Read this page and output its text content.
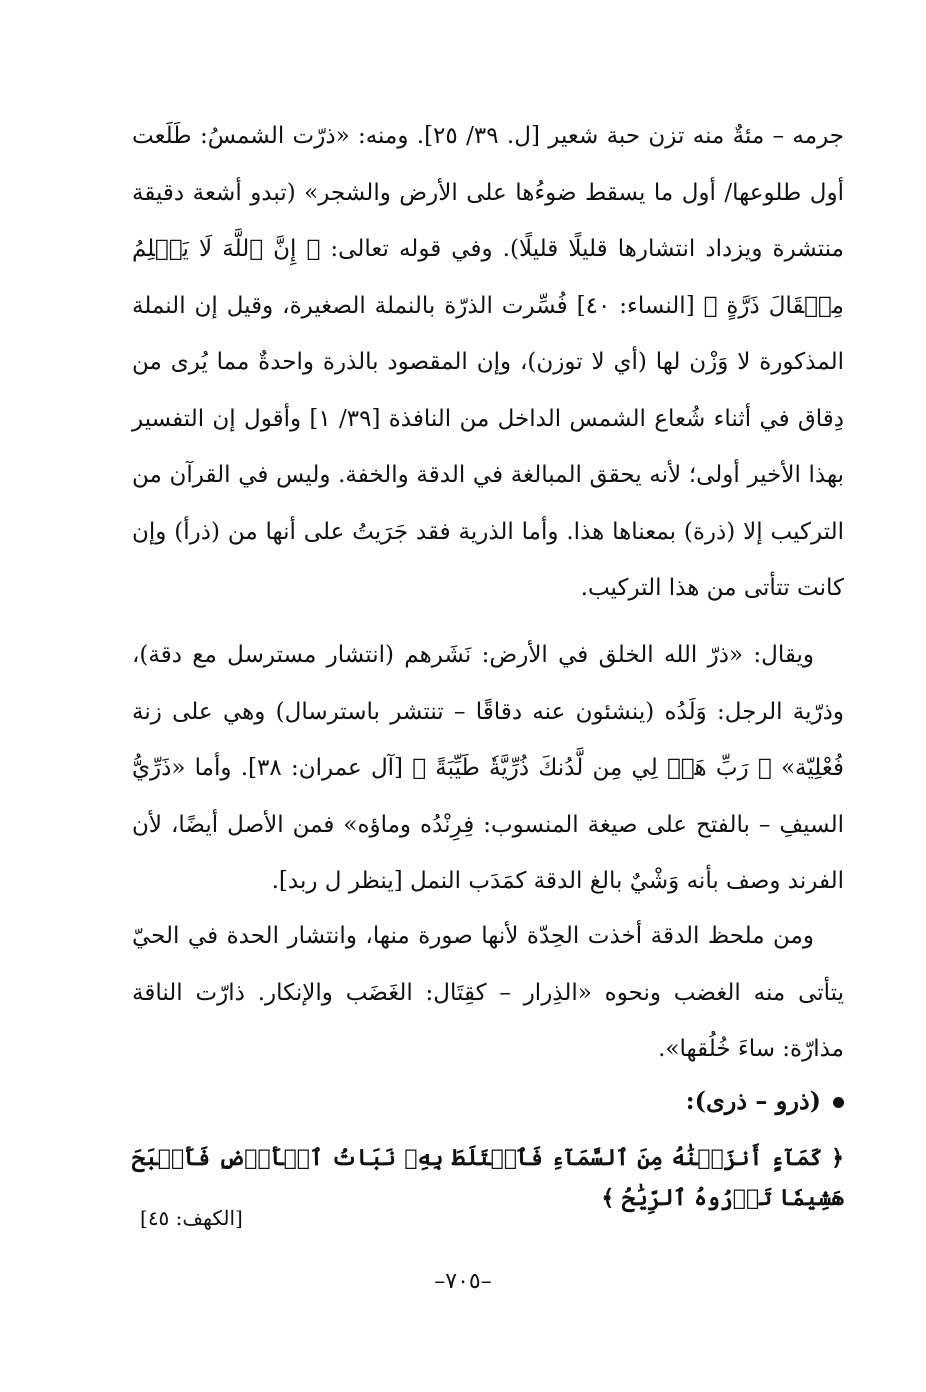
جرمه – مئةٌ منه تزن حبة شعير [ل. ٣٩/ ٢٥]. ومنه: «ذرّت الشمسُ: طَلَعت أول طلوعها/ أول ما يسقط ضوءُها على الأرض والشجر» (تبدو أشعة دقيقة منتشرة ويزداد انتشارها قليلًا قليلًا). وفي قوله تعالى: ﴿ إِنَّ ٱللَّهَ لَا يَظۡلِمُ مِثۡقَالَ ذَرَّةٍ ﴾ [النساء: ٤٠] فُسِّرت الذرّة بالنملة الصغيرة، وقيل إن النملة المذكورة لا وَزْن لها (أي لا توزن)، وإن المقصود بالذرة واحدةٌ مما يُرى من دِقاق في أثناء شُعاع الشمس الداخل من النافذة [٣٩/ ١] وأقول إن التفسير بهذا الأخير أولى؛ لأنه يحقق المبالغة في الدقة والخفة. وليس في القرآن من التركيب إلا (ذرة) بمعناها هذا. وأما الذرية فقد جَرَيتُ على أنها من (ذرأ) وإن كانت تتأتى من هذا التركيب.

ويقال: «ذرّ الله الخلق في الأرض: نَشَرهم (انتشار مسترسل مع دقة)، وذرّية الرجل: وَلَدُه (ينشئون عنه دقاقًا – تنتشر باسترسال) وهي على زنة فُعْلِيّة» ﴿ رَبِّ هَبۡ لِي مِن لَّدُنكَ ذُرِّيَّةٗ طَيِّبَةً ﴾ [آل عمران: ٣٨]. وأما «ذَرِّيُّ السيفِ – بالفتح على صيغة المنسوب: فِرِنْدُه وماؤه» فمن الأصل أيضًا، لأن الفرند وصف بأنه وَشْيٌ بالغ الدقة كمَدَب النمل [ينظر ل ربد].

ومن ملحظ الدقة أخذت الحِدّة لأنها صورة منها، وانتشار الحدة في الحيّ يتأتى منه الغضب ونحوه «الذِرار – كقِتَال: الغَضَب والإنكار. ذارّت الناقة مذارّة: ساءَ خُلُقها».

(ذرو – ذرى):

﴿ كَمَآءٍ أَنزَلۡنَٰهُ مِنَ ٱلسَّمَآءِ فَٱخۡتَلَطَ بِهِۦ نَبَاتُ ٱلۡأَرۡضِ فَأَصۡبَحَ هَشِيمٗا تَذۡرُوهُ ٱلرِّيَٰحُ ﴾

[الكهف: ٤٥]

–٧٠٥–
